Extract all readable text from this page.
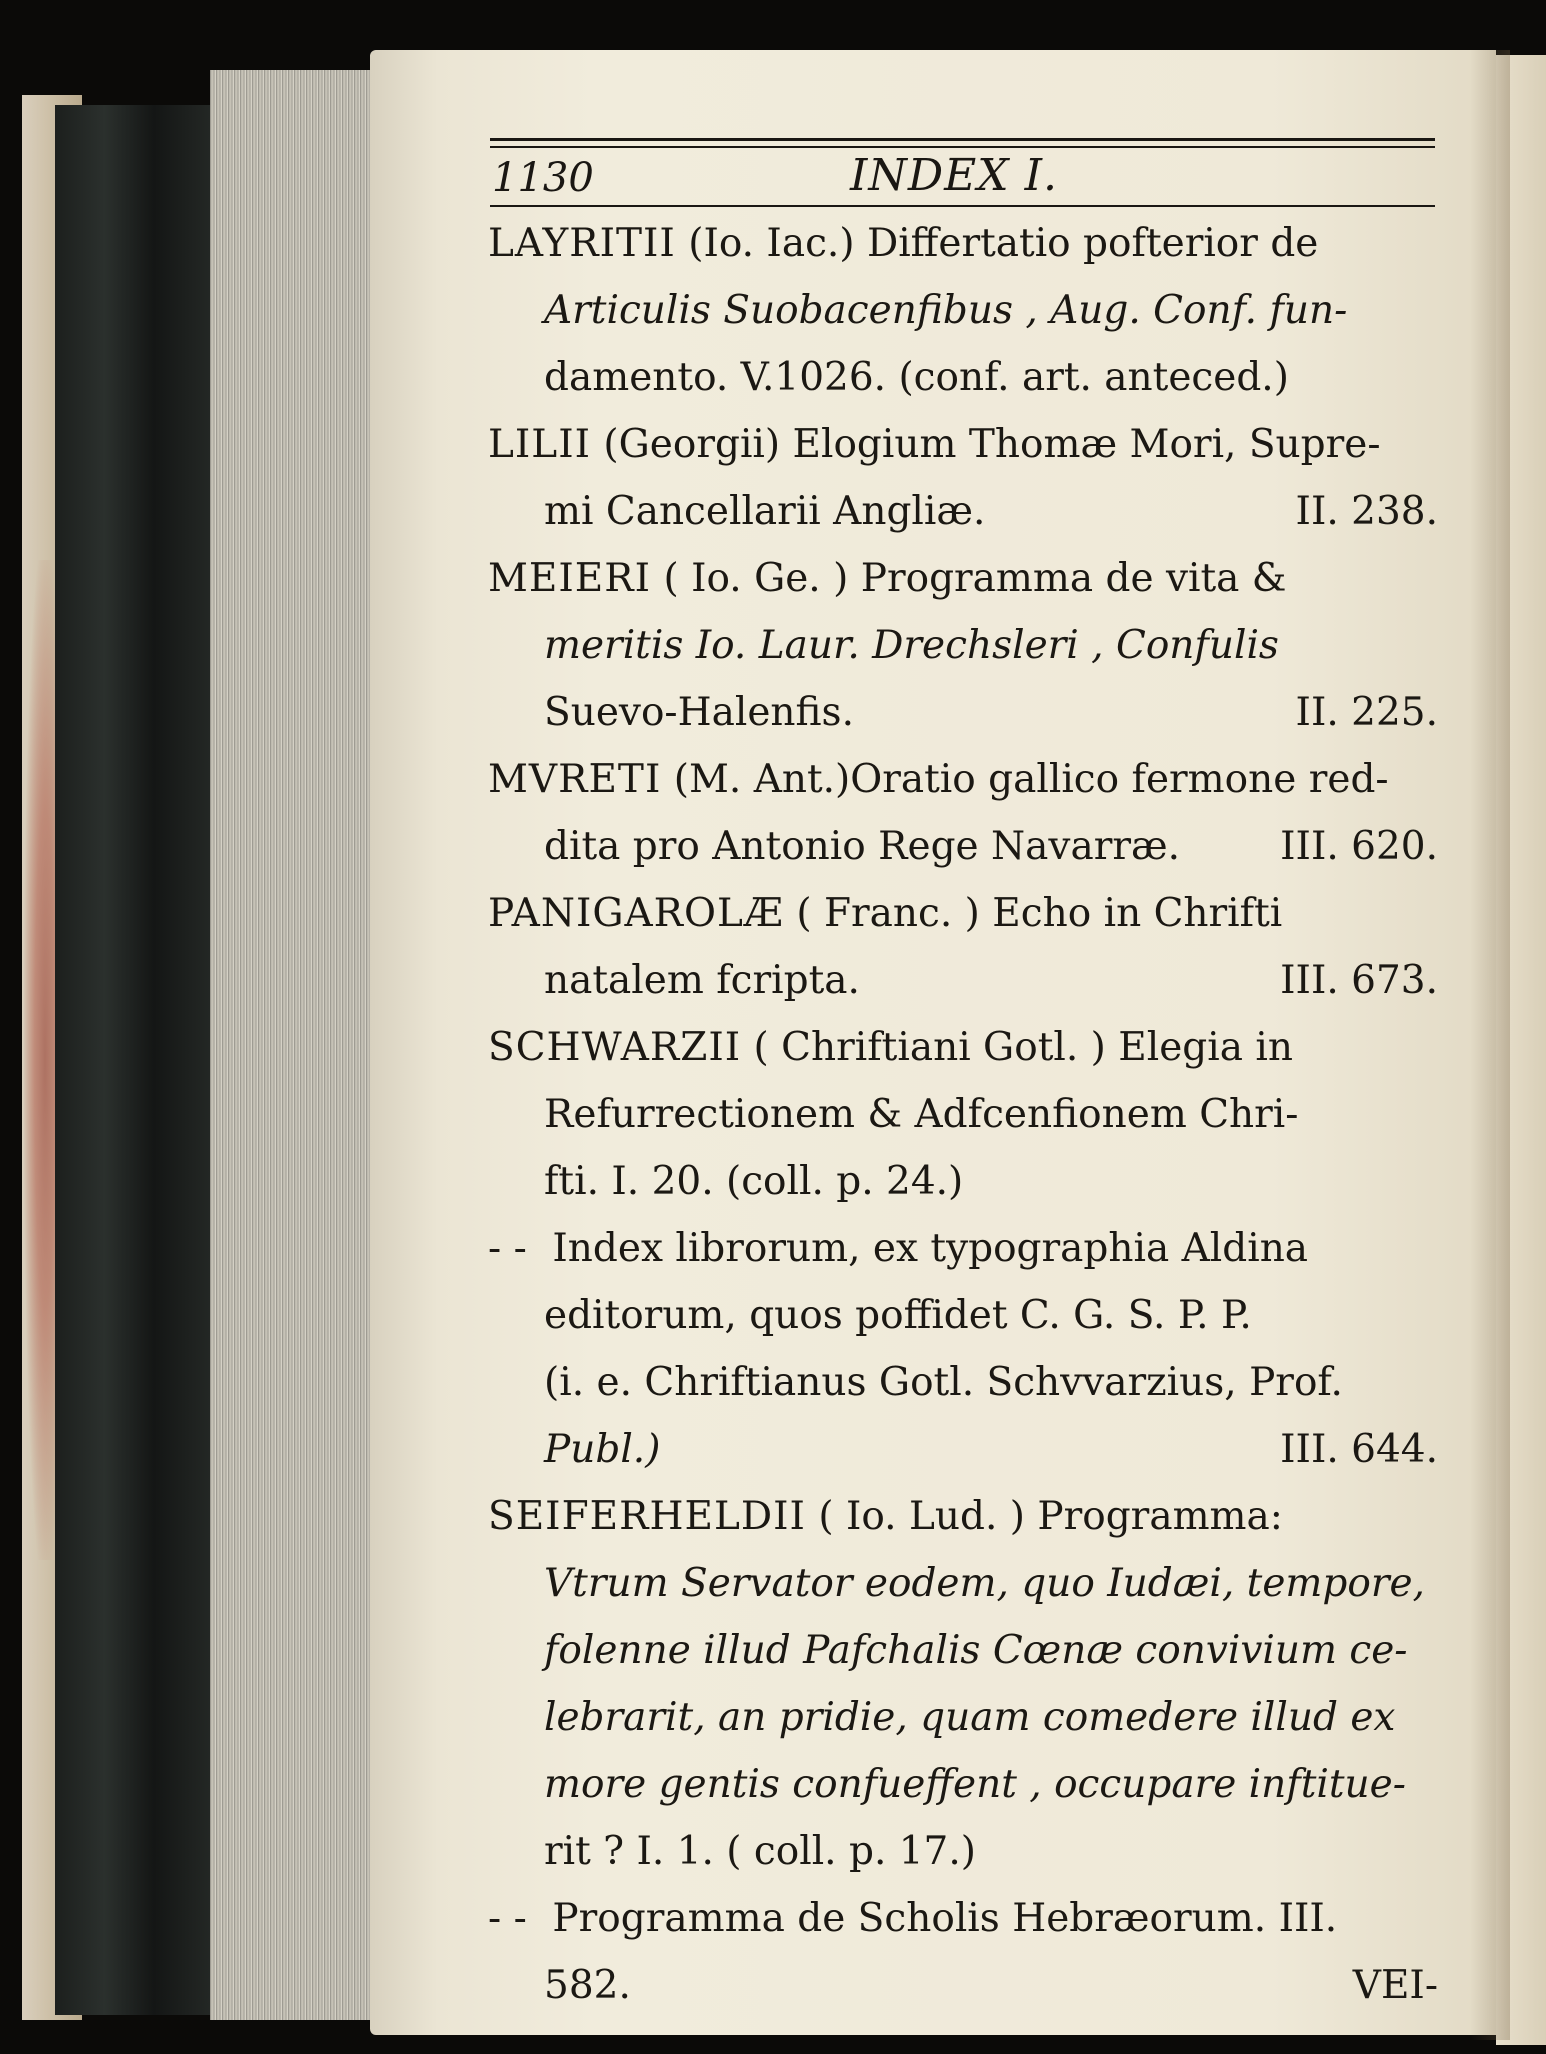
1130	INDEX I.
LAYRITII (Io. Iac.) Differtatio pofterior de
Articulis Suobacenfibus , Aug. Conf. fun-
damento. V.1026. (conf. art. anteced.)
LILII (Georgii) Elogium Thomæ Mori, Supre-
mi Cancellarii Angliæ.	II. 238.
MEIERI ( Io. Ge. ) Programma de vita &
meritis Io. Laur. Drechsleri , Confulis
Suevo-Halenfis.	II. 225.
MVRETI (M. Ant.)Oratio gallico fermone red-
dita pro Antonio Rege Navarræ.	III. 620.
PANIGAROLÆ ( Franc. ) Echo in Chrifti
natalem fcripta.	III. 673.
SCHWARZII ( Chriftiani Gotl. ) Elegia in
Refurrectionem & Adfcenfionem Chri-
fti. I. 20. (coll. p. 24.)
- - Index librorum, ex typographia Aldina
editorum, quos poffidet C. G. S. P. P.
(i. e. Chriftianus Gotl. Schvvarzius, Prof.
Publ.)	III. 644.
SEIFERHELDII ( Io. Lud. ) Programma:
Vtrum Servator eodem, quo Iudæi, tempore,
folenne illud Pafchalis Cœnæ convivium ce-
lebrarit, an pridie, quam comedere illud ex
more gentis confueffent , occupare inftitue-
rit ? I. 1. ( coll. p. 17.)
- - Programma de Scholis Hebræorum. III.
582.	VEI-
